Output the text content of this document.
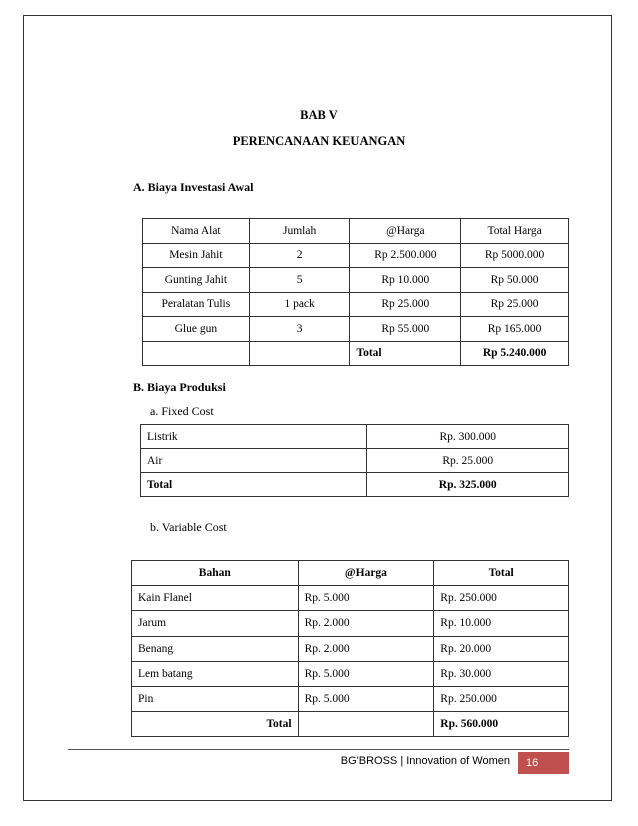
BAB V
PERENCANAAN KEUANGAN
A. Biaya Investasi Awal
Nama Alat	Jumlah	@Harga	Total Harga
Mesin Jahit	2	Rp 2.500.000	Rp 5000.000
Gunting Jahit	5	Rp 10.000	Rp 50.000
Peralatan Tulis	1 pack	Rp 25.000	Rp 25.000
Glue gun	3	Rp 55.000	Rp 165.000
		Total	Rp 5.240.000
B. Biaya Produksi
a. Fixed Cost
Listrik	Rp. 300.000
Air	Rp. 25.000
Total	Rp. 325.000
b. Variable Cost
Bahan	@Harga	Total
Kain Flanel	Rp. 5.000	Rp. 250.000
Jarum	Rp. 2.000	Rp. 10.000
Benang	Rp. 2.000	Rp. 20.000
Lem batang	Rp. 5.000	Rp. 30.000
Pin	Rp. 5.000	Rp. 250.000
Total		Rp. 560.000
BG'BROSS | Innovation of Women	16
